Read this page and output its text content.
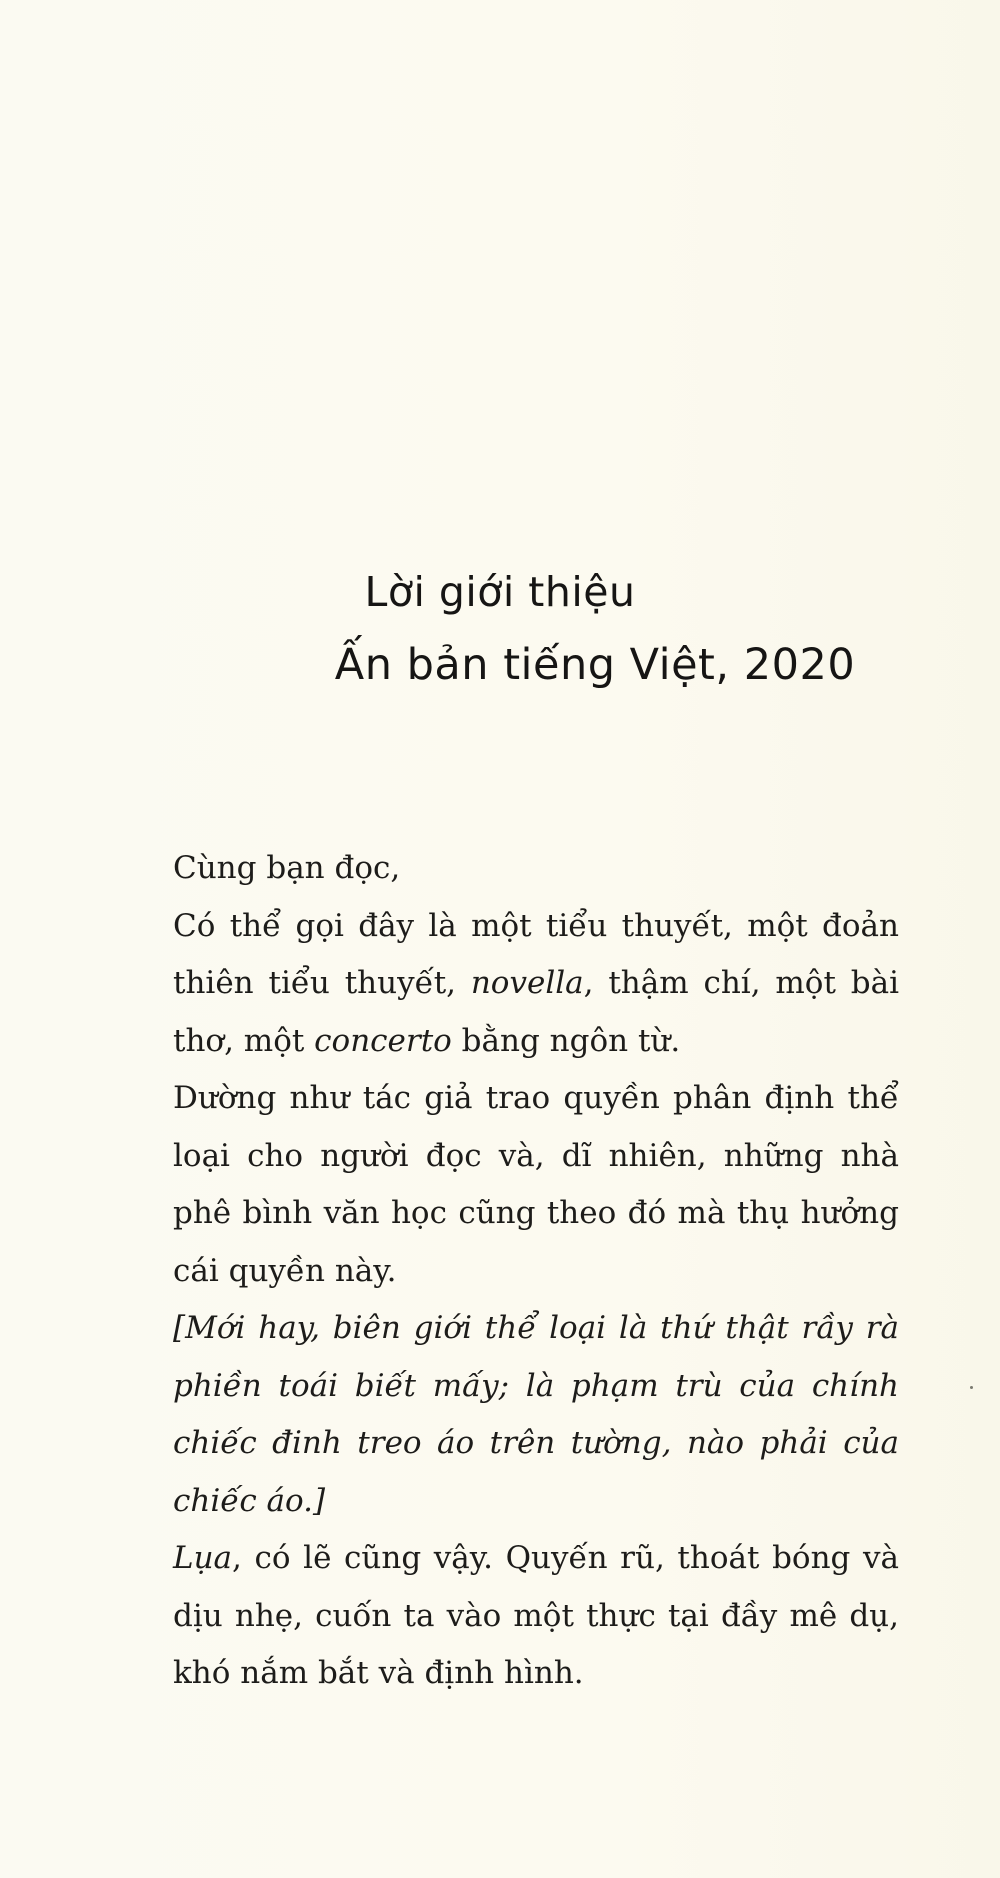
Lời giới thiệu
Ấn bản tiếng Việt, 2020

Cùng bạn đọc,

Có thể gọi đây là một tiểu thuyết, một đoản thiên tiểu thuyết, novella, thậm chí, một bài thơ, một concerto bằng ngôn từ.

Dường như tác giả trao quyền phân định thể loại cho người đọc và, dĩ nhiên, những nhà phê bình văn học cũng theo đó mà thụ hưởng cái quyền này.

[Mới hay, biên giới thể loại là thứ thật rầy rà phiền toái biết mấy; là phạm trù của chính chiếc đinh treo áo trên tường, nào phải của chiếc áo.]

Lụa, có lẽ cũng vậy. Quyến rũ, thoát bóng và dịu nhẹ, cuốn ta vào một thực tại đầy mê dụ, khó nắm bắt và định hình.
